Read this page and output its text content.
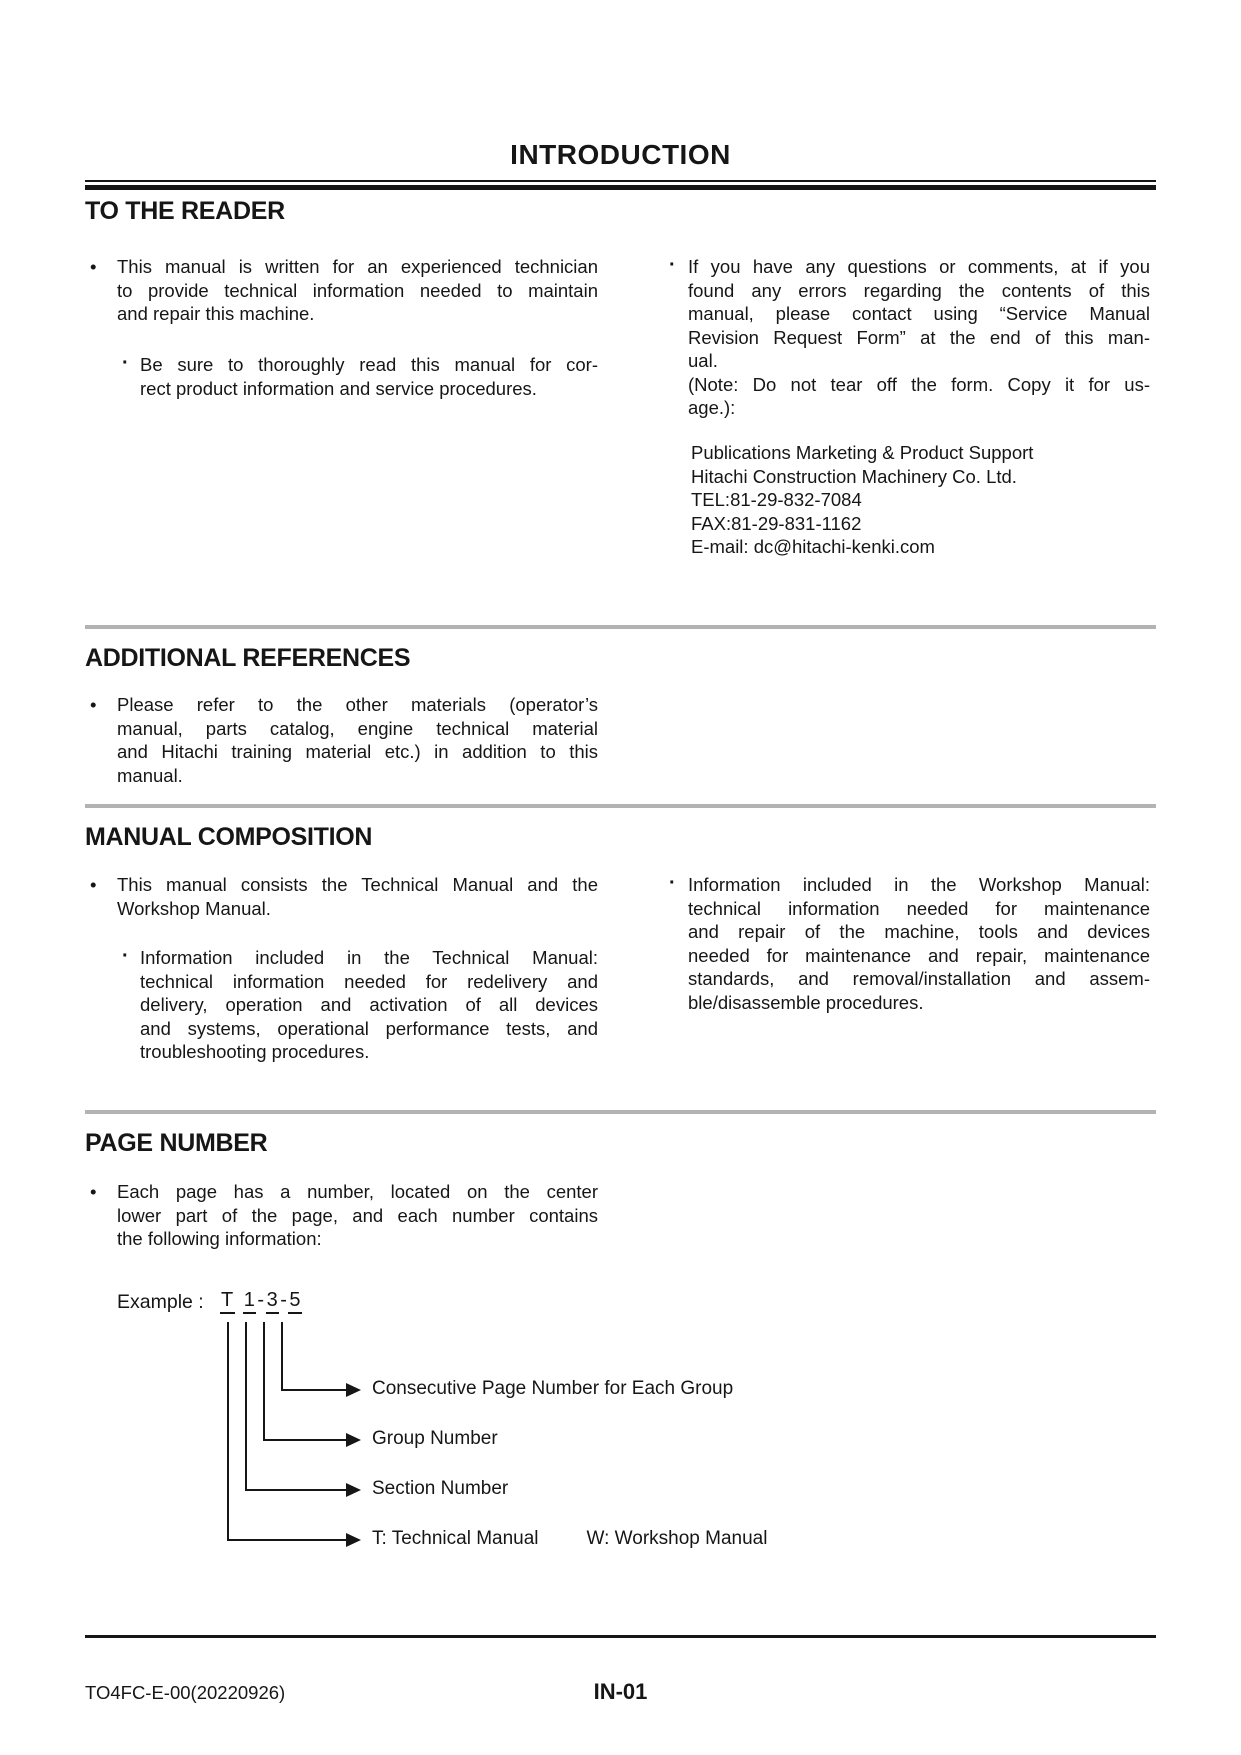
INTRODUCTION
TO THE READER
• This manual is written for an experienced technician
to provide technical information needed to maintain
and repair this machine.
· Be sure to thoroughly read this manual for cor-
rect product information and service procedures.
· If you have any questions or comments, at if you
found any errors regarding the contents of this
manual, please contact using “Service Manual
Revision Request Form” at the end of this man-
ual.
(Note: Do not tear off the form. Copy it for us-
age.):
Publications Marketing & Product Support
Hitachi Construction Machinery Co. Ltd.
TEL:81-29-832-7084
FAX:81-29-831-1162
E-mail: dc@hitachi-kenki.com
ADDITIONAL REFERENCES
• Please refer to the other materials (operator’s
manual, parts catalog, engine technical material
and Hitachi training material etc.) in addition to this
manual.
MANUAL COMPOSITION
• This manual consists the Technical Manual and the
Workshop Manual.
· Information included in the Technical Manual:
technical information needed for redelivery and
delivery, operation and activation of all devices
and systems, operational performance tests, and
troubleshooting procedures.
· Information included in the Workshop Manual:
technical information needed for maintenance
and repair of the machine, tools and devices
needed for maintenance and repair, maintenance
standards, and removal/installation and assem-
ble/disassemble procedures.
PAGE NUMBER
• Each page has a number, located on the center
lower part of the page, and each number contains
the following information:
Example : T 1 - 3 - 5
Consecutive Page Number for Each Group
Group Number
Section Number
T: Technical Manual	W: Workshop Manual
TO4FC-E-00(20220926)	IN-01
